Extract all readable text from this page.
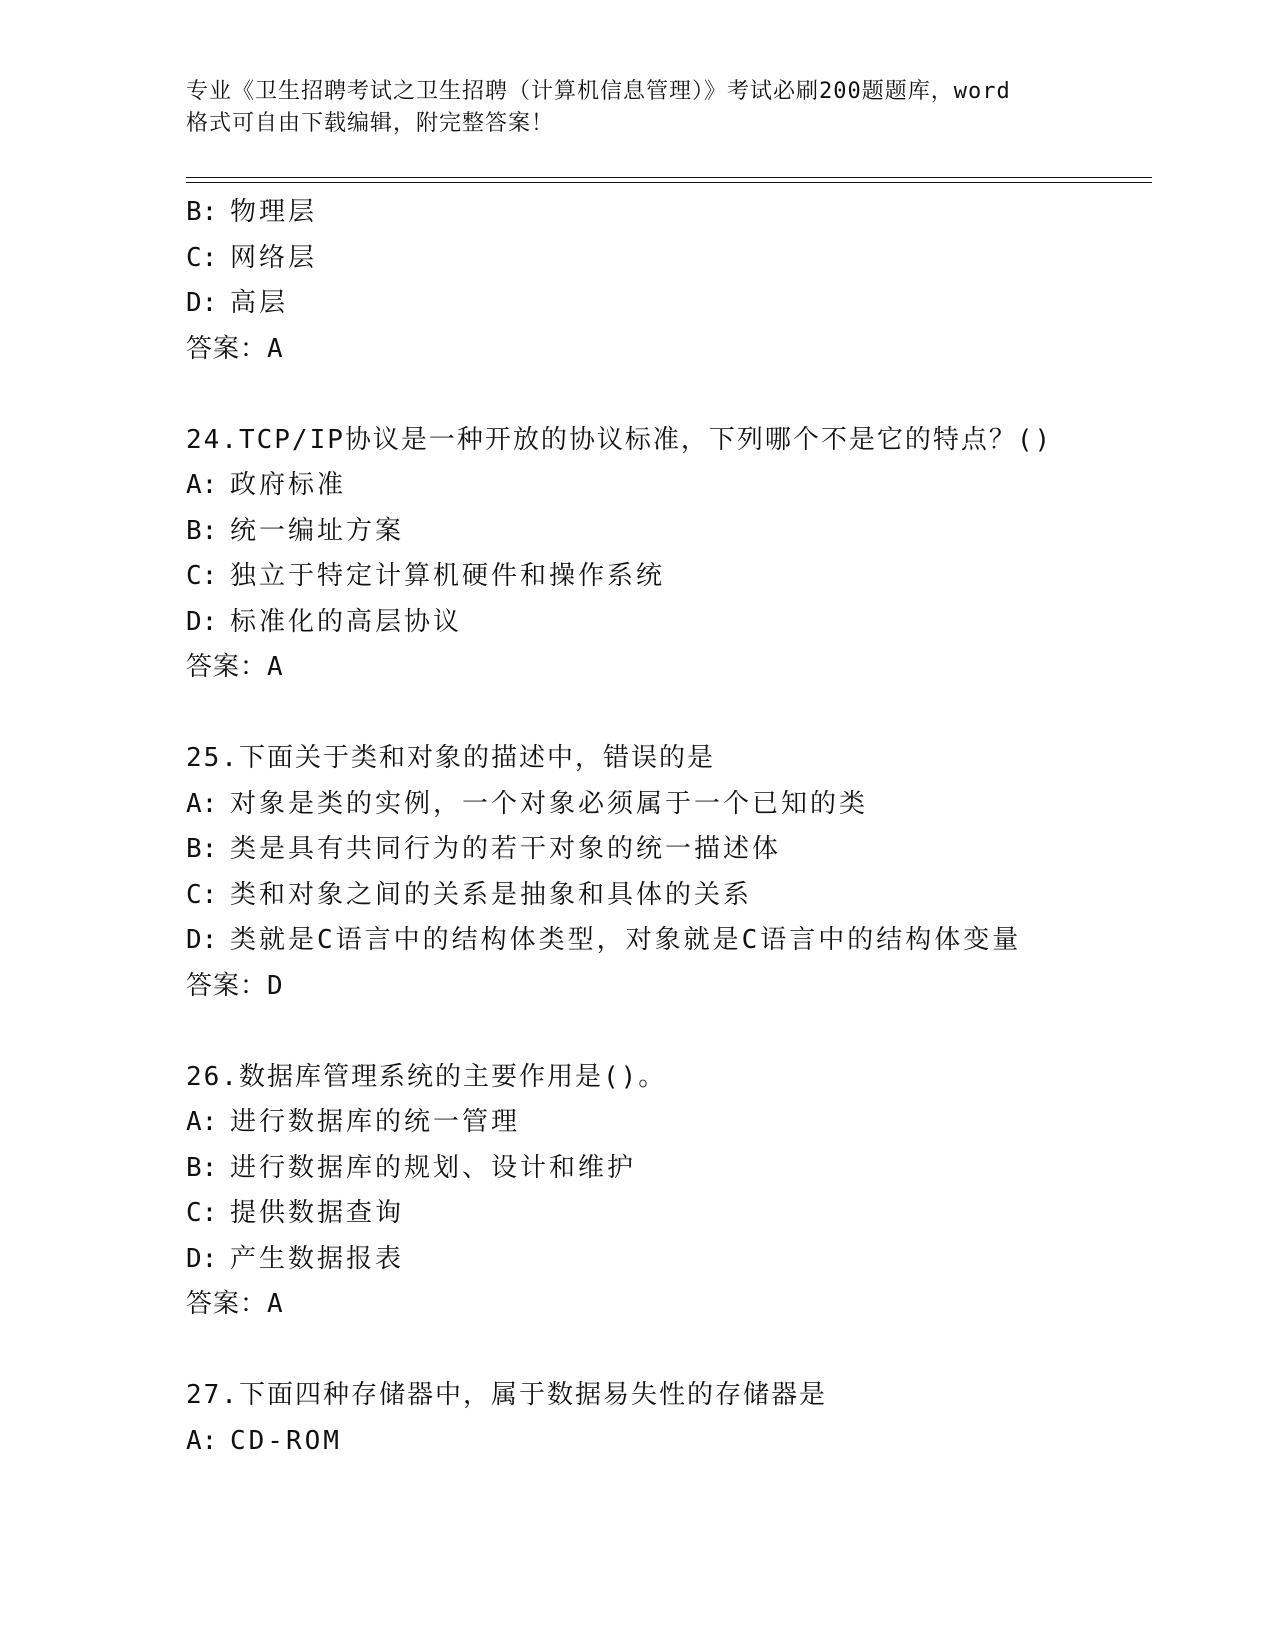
专业《卫生招聘考试之卫生招聘（计算机信息管理）》考试必刷200题题库，word
格式可自由下载编辑，附完整答案！
B: 物理层
C: 网络层
D: 高层
答案：A
24.TCP/IP协议是一种开放的协议标准，下列哪个不是它的特点？()
A: 政府标准
B: 统一编址方案
C: 独立于特定计算机硬件和操作系统
D: 标准化的高层协议
答案：A
25.下面关于类和对象的描述中，错误的是
A: 对象是类的实例，一个对象必须属于一个已知的类
B: 类是具有共同行为的若干对象的统一描述体
C: 类和对象之间的关系是抽象和具体的关系
D: 类就是C语言中的结构体类型，对象就是C语言中的结构体变量
答案：D
26.数据库管理系统的主要作用是()。
A: 进行数据库的统一管理
B: 进行数据库的规划、设计和维护
C: 提供数据查询
D: 产生数据报表
答案：A
27.下面四种存储器中，属于数据易失性的存储器是
A: CD-ROM
